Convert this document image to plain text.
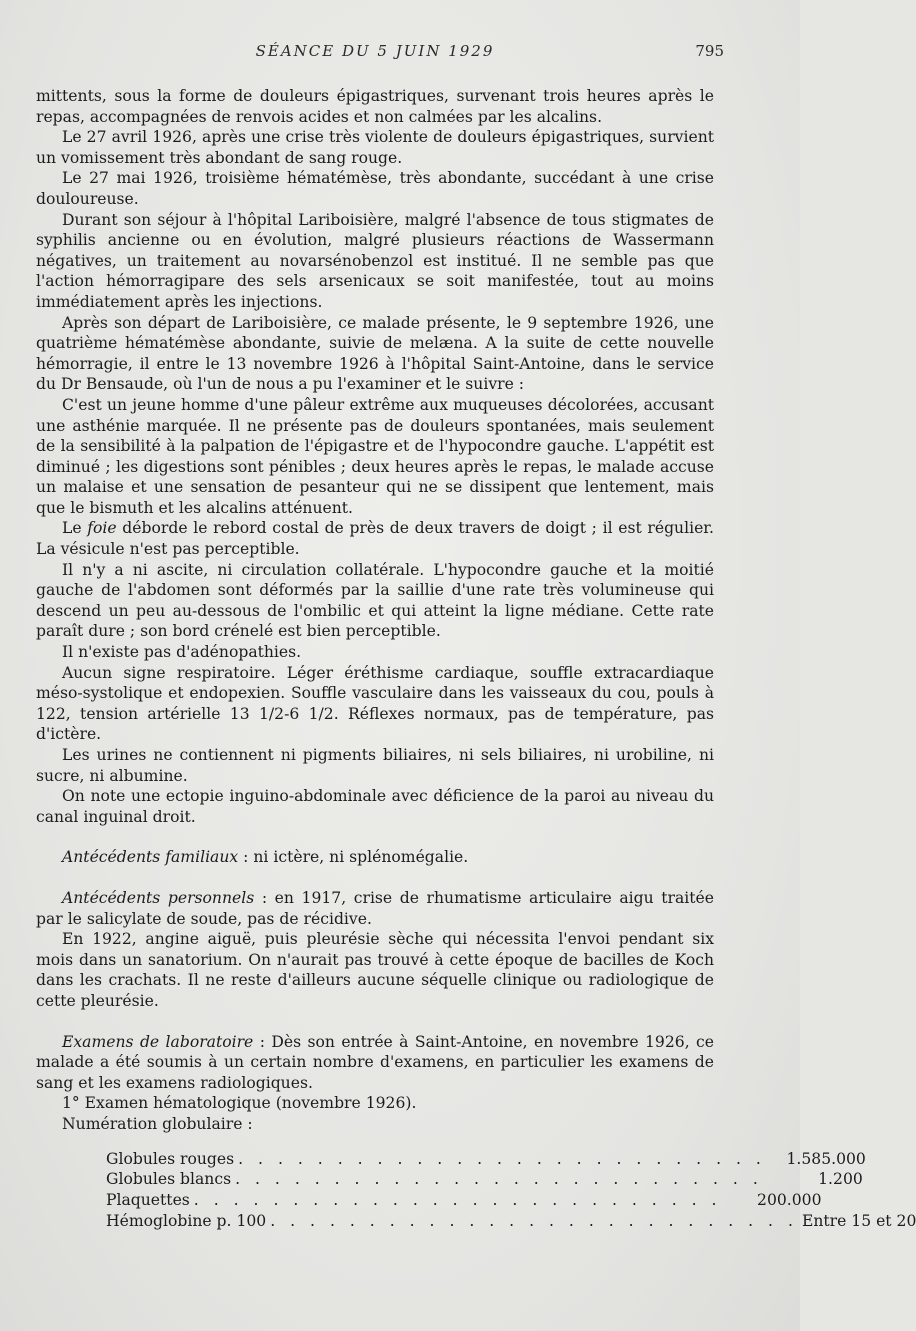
SÉANCE DU 5 JUIN 1929	795

mittents, sous la forme de douleurs épigastriques, survenant trois heures après le repas, accompagnées de renvois acides et non calmées par les alcalins.

Le 27 avril 1926, après une crise très violente de douleurs épigastriques, survient un vomissement très abondant de sang rouge.

Le 27 mai 1926, troisième hématémèse, très abondante, succédant à une crise douloureuse.

Durant son séjour à l'hôpital Lariboisière, malgré l'absence de tous stigmates de syphilis ancienne ou en évolution, malgré plusieurs réactions de Wassermann négatives, un traitement au novarsénobenzol est institué. Il ne semble pas que l'action hémorragipare des sels arsenicaux se soit manifestée, tout au moins immédiatement après les injections.

Après son départ de Lariboisière, ce malade présente, le 9 septembre 1926, une quatrième hématémèse abondante, suivie de melæna. A la suite de cette nouvelle hémorragie, il entre le 13 novembre 1926 à l'hôpital Saint-Antoine, dans le service du Dr Bensaude, où l'un de nous a pu l'examiner et le suivre :

C'est un jeune homme d'une pâleur extrême aux muqueuses décolorées, accusant une asthénie marquée. Il ne présente pas de douleurs spontanées, mais seulement de la sensibilité à la palpation de l'épigastre et de l'hypocondre gauche. L'appétit est diminué ; les digestions sont pénibles ; deux heures après le repas, le malade accuse un malaise et une sensation de pesanteur qui ne se dissipent que lentement, mais que le bismuth et les alcalins atténuent.

Le foie déborde le rebord costal de près de deux travers de doigt ; il est régulier. La vésicule n'est pas perceptible.

Il n'y a ni ascite, ni circulation collatérale. L'hypocondre gauche et la moitié gauche de l'abdomen sont déformés par la saillie d'une rate très volumineuse qui descend un peu au-dessous de l'ombilic et qui atteint la ligne médiane. Cette rate paraît dure ; son bord crénelé est bien perceptible.

Il n'existe pas d'adénopathies.

Aucun signe respiratoire. Léger éréthisme cardiaque, souffle extracardiaque méso-systolique et endopexien. Souffle vasculaire dans les vaisseaux du cou, pouls à 122, tension artérielle 13 1/2-6 1/2. Réflexes normaux, pas de température, pas d'ictère.

Les urines ne contiennent ni pigments biliaires, ni sels biliaires, ni urobiline, ni sucre, ni albumine.

On note une ectopie inguino-abdominale avec déficience de la paroi au niveau du canal inguinal droit.

Antécédents familiaux : ni ictère, ni splénomégalie.

Antécédents personnels : en 1917, crise de rhumatisme articulaire aigu traitée par le salicylate de soude, pas de récidive.

En 1922, angine aiguë, puis pleurésie sèche qui nécessita l'envoi pendant six mois dans un sanatorium. On n'aurait pas trouvé à cette époque de bacilles de Koch dans les crachats. Il ne reste d'ailleurs aucune séquelle clinique ou radiologique de cette pleurésie.

Examens de laboratoire : Dès son entrée à Saint-Antoine, en novembre 1926, ce malade a été soumis à un certain nombre d'examens, en particulier les examens de sang et les examens radiologiques.

1° Examen hématologique (novembre 1926).

Numération globulaire :

Globules rouges . . . . . . . . . . . . . . . . . . . . . . . . . . .	1.585.000
Globules blancs . . . . . . . . . . . . . . . . . . . . . . . . . . .	1.200
Plaquettes . . . . . . . . . . . . . . . . . . . . . . . . . . .	200.000
Hémoglobine p. 100 . . . . . . . . . . . . . . . . . . . . . . . . . . . Entre 15 et 20
